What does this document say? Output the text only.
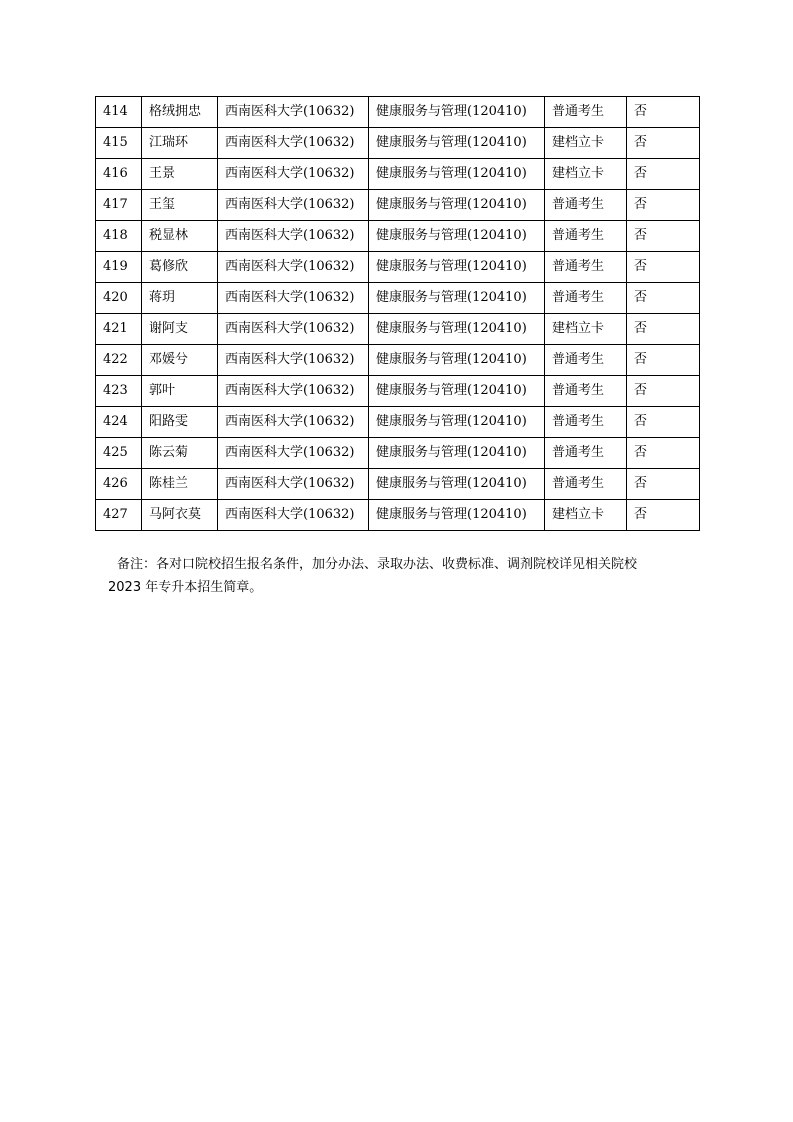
414	格绒拥忠	西南医科大学(10632)	健康服务与管理(120410)	普通考生	否
415	江瑞环	西南医科大学(10632)	健康服务与管理(120410)	建档立卡	否
416	王景	西南医科大学(10632)	健康服务与管理(120410)	建档立卡	否
417	王玺	西南医科大学(10632)	健康服务与管理(120410)	普通考生	否
418	税显林	西南医科大学(10632)	健康服务与管理(120410)	普通考生	否
419	葛修欣	西南医科大学(10632)	健康服务与管理(120410)	普通考生	否
420	蒋玥	西南医科大学(10632)	健康服务与管理(120410)	普通考生	否
421	谢阿支	西南医科大学(10632)	健康服务与管理(120410)	建档立卡	否
422	邓媛兮	西南医科大学(10632)	健康服务与管理(120410)	普通考生	否
423	郭叶	西南医科大学(10632)	健康服务与管理(120410)	普通考生	否
424	阳路雯	西南医科大学(10632)	健康服务与管理(120410)	普通考生	否
425	陈云菊	西南医科大学(10632)	健康服务与管理(120410)	普通考生	否
426	陈桂兰	西南医科大学(10632)	健康服务与管理(120410)	普通考生	否
427	马阿衣莫	西南医科大学(10632)	健康服务与管理(120410)	建档立卡	否

备注：各对口院校招生报名条件，加分办法、录取办法、收费标准、调剂院校详见相关院校

2023 年专升本招生简章。
